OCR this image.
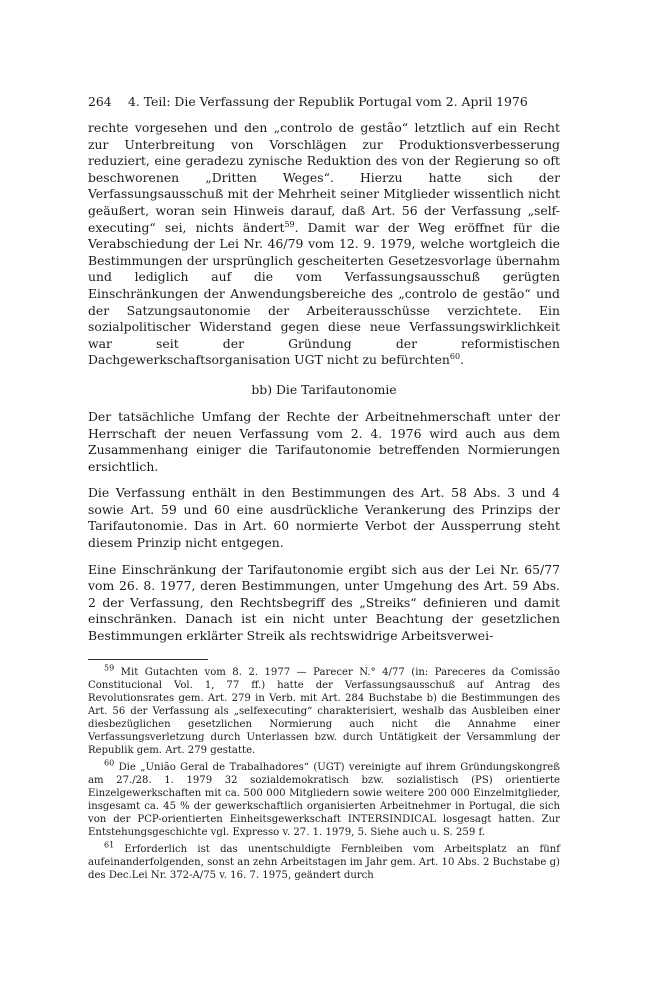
264 4. Teil: Die Verfassung der Republik Portugal vom 2. April 1976

rechte vorgesehen und den „controlo de gestão“ letztlich auf ein Recht zur Unterbreitung von Vorschlägen zur Produktionsverbesserung reduziert, eine geradezu zynische Reduktion des von der Regierung so oft beschworenen „Dritten Weges“. Hierzu hatte sich der Verfassungsausschuß mit der Mehrheit seiner Mitglieder wissentlich nicht geäußert, woran sein Hinweis darauf, daß Art. 56 der Verfassung „self-executing“ sei, nichts ändert$^{59}$. Damit war der Weg eröffnet für die Verabschiedung der Lei Nr. 46/79 vom 12. 9. 1979, welche wortgleich die Bestimmungen der ursprünglich gescheiterten Gesetzesvorlage übernahm und lediglich auf die vom Verfassungsausschuß gerügten Einschränkungen der Anwendungsbereiche des „controlo de gestão“ und der Satzungsautonomie der Arbeiterausschüsse verzichtete. Ein sozialpolitischer Widerstand gegen diese neue Verfassungswirklichkeit war seit der Gründung der reformistischen Dachgewerkschaftsorganisation UGT nicht zu befürchten$^{60}$.

bb) Die Tarifautonomie

Der tatsächliche Umfang der Rechte der Arbeitnehmerschaft unter der Herrschaft der neuen Verfassung vom 2. 4. 1976 wird auch aus dem Zusammenhang einiger die Tarifautonomie betreffenden Normierungen ersichtlich.

Die Verfassung enthält in den Bestimmungen des Art. 58 Abs. 3 und 4 sowie Art. 59 und 60 eine ausdrückliche Verankerung des Prinzips der Tarifautonomie. Das in Art. 60 normierte Verbot der Aussperrung steht diesem Prinzip nicht entgegen.

Eine Einschränkung der Tarifautonomie ergibt sich aus der Lei Nr. 65/77 vom 26. 8. 1977, deren Bestimmungen, unter Umgehung des Art. 59 Abs. 2 der Verfassung, den Rechtsbegriff des „Streiks“ definieren und damit einschränken. Danach ist ein nicht unter Beachtung der gesetzlichen Bestimmungen erklärter Streik als rechtswidrige Arbeitsverwei-

$^{59}$ Mit Gutachten vom 8. 2. 1977 — Parecer N.° 4/77 (in: Pareceres da Comissão Constitucional Vol. 1, 77 ff.) hatte der Verfassungsausschuß auf Antrag des Revolutionsrates gem. Art. 279 in Verb. mit Art. 284 Buchstabe b) die Bestimmungen des Art. 56 der Verfassung als „selfexecuting“ charakterisiert, weshalb das Ausbleiben einer diesbezüglichen gesetzlichen Normierung auch nicht die Annahme einer Verfassungsverletzung durch Unterlassen bzw. durch Untätigkeit der Versammlung der Republik gem. Art. 279 gestatte.

$^{60}$ Die „União Geral de Trabalhadores“ (UGT) vereinigte auf ihrem Gründungskongreß am 27./28. 1. 1979 32 sozialdemokratisch bzw. sozialistisch (PS) orientierte Einzelgewerkschaften mit ca. 500 000 Mitgliedern sowie weitere 200 000 Einzelmitglieder, insgesamt ca. 45 % der gewerkschaftlich organisierten Arbeitnehmer in Portugal, die sich von der PCP-orientierten Einheitsgewerkschaft INTERSINDICAL losgesagt hatten. Zur Entstehungsgeschichte vgl. Expresso v. 27. 1. 1979, 5. Siehe auch u. S. 259 f.

$^{61}$ Erforderlich ist das unentschuldigte Fernbleiben vom Arbeitsplatz an fünf aufeinanderfolgenden, sonst an zehn Arbeitstagen im Jahr gem. Art. 10 Abs. 2 Buchstabe g) des Dec.Lei Nr. 372-A/75 v. 16. 7. 1975, geändert durch
